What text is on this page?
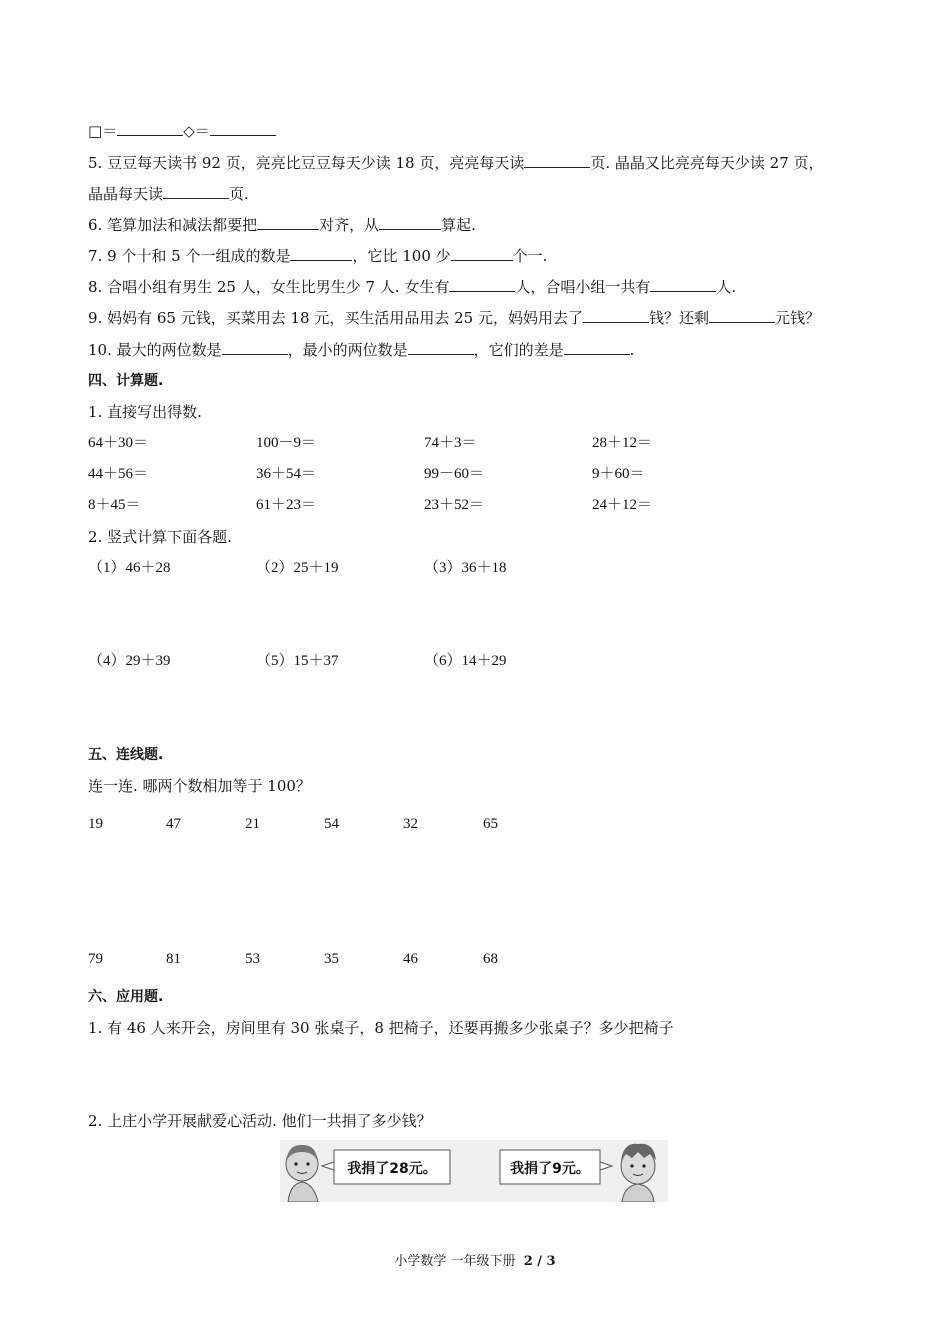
□＝	◇＝
5. 豆豆每天读书 92 页，亮亮比豆豆每天少读 18 页，亮亮每天读	页. 晶晶又比亮亮每天少读 27 页，
晶晶每天读	页.
6. 笔算加法和减法都要把	对齐，从	算起.
7. 9 个十和 5 个一组成的数是	，它比 100 少	个一.
8. 合唱小组有男生 25 人，女生比男生少 7 人. 女生有	人，合唱小组一共有	人.
9. 妈妈有 65 元钱，买菜用去 18 元，买生活用品用去 25 元，妈妈用去了	钱？还剩	元钱？
10. 最大的两位数是	，最小的两位数是	，它们的差是	.
四、计算题.
1. 直接写出得数.
64＋30＝	100－9＝	74＋3＝	28＋12＝
44＋56＝	36＋54＝	99－60＝	9＋60＝
8＋45＝	61＋23＝	23＋52＝	24＋12＝
2. 竖式计算下面各题.
（1）46＋28	（2）25＋19	（3）36＋18
（4）29＋39	（5）15＋37	（6）14＋29
五、连线题.
连一连. 哪两个数相加等于 100？
19	47	21	54	32	65
79	81	53	35	46	68
六、应用题.
1. 有 46 人来开会，房间里有 30 张桌子，8 把椅子，还要再搬多少张桌子？多少把椅子
2. 上庄小学开展献爱心活动. 他们一共捐了多少钱？
我捐了28元。	我捐了9元。
小学数学 一年级下册 2 / 3
